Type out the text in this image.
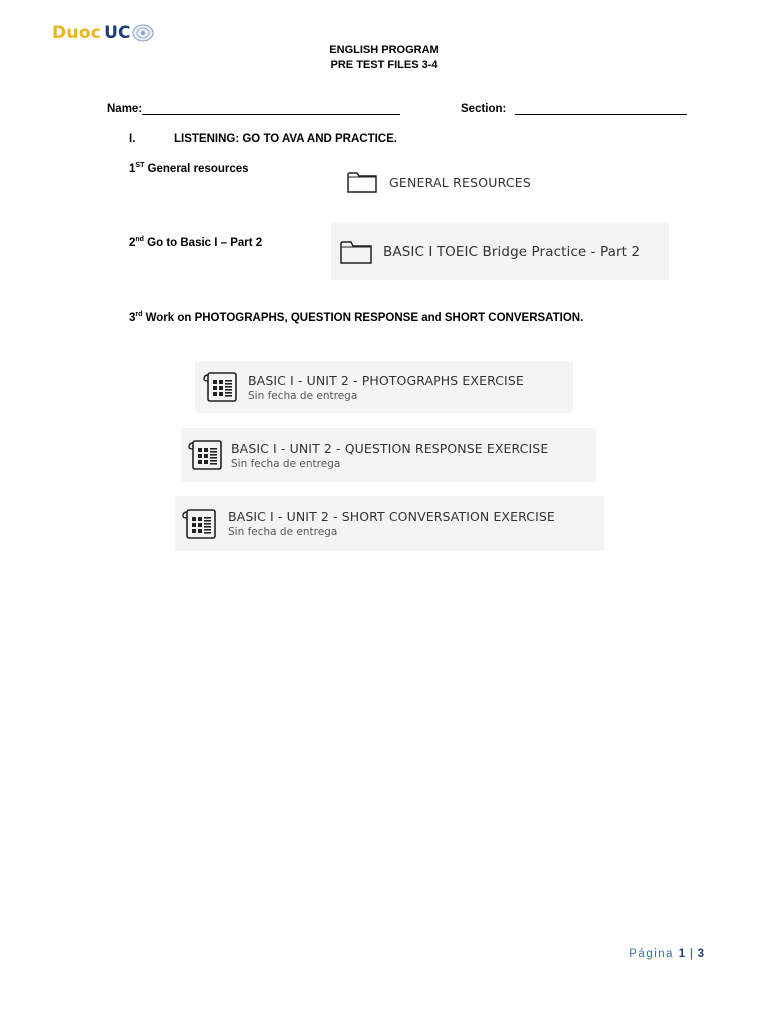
Duoc UC
ENGLISH PROGRAM
PRE TEST FILES 3-4
Name:	Section:
I.	LISTENING: GO TO AVA AND PRACTICE.
1ST General resources
GENERAL RESOURCES
2nd Go to Basic I – Part 2
BASIC I TOEIC Bridge Practice - Part 2
3rd Work on PHOTOGRAPHS, QUESTION RESPONSE and SHORT CONVERSATION.
BASIC I - UNIT 2 - PHOTOGRAPHS EXERCISE
Sin fecha de entrega
BASIC I - UNIT 2 - QUESTION RESPONSE EXERCISE
Sin fecha de entrega
BASIC I - UNIT 2 - SHORT CONVERSATION EXERCISE
Sin fecha de entrega
Página 1 | 3
